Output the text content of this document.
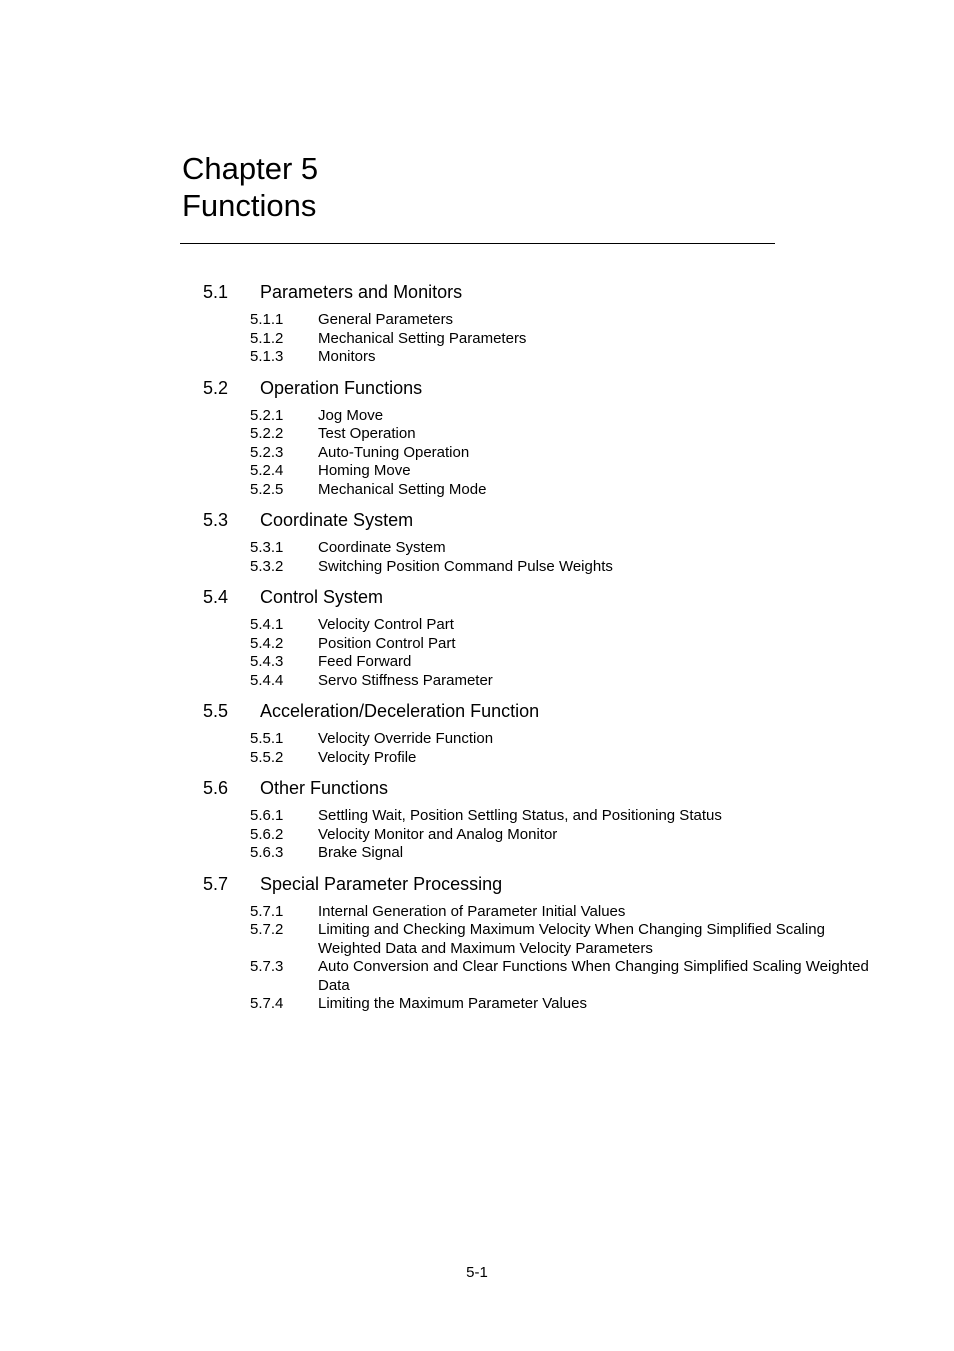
Chapter 5
Functions
5.1	Parameters and Monitors
5.1.1	General Parameters
5.1.2	Mechanical Setting Parameters
5.1.3	Monitors
5.2	Operation Functions
5.2.1	Jog Move
5.2.2	Test Operation
5.2.3	Auto-Tuning Operation
5.2.4	Homing Move
5.2.5	Mechanical Setting Mode
5.3	Coordinate System
5.3.1	Coordinate System
5.3.2	Switching Position Command Pulse Weights
5.4	Control System
5.4.1	Velocity Control Part
5.4.2	Position Control Part
5.4.3	Feed Forward
5.4.4	Servo Stiffness Parameter
5.5	Acceleration/Deceleration Function
5.5.1	Velocity Override Function
5.5.2	Velocity Profile
5.6	Other Functions
5.6.1	Settling Wait, Position Settling Status, and Positioning Status
5.6.2	Velocity Monitor and Analog Monitor
5.6.3	Brake Signal
5.7	Special Parameter Processing
5.7.1	Internal Generation of Parameter Initial Values
5.7.2	Limiting and Checking Maximum Velocity When Changing Simplified Scaling Weighted Data and Maximum Velocity Parameters
5.7.3	Auto Conversion and Clear Functions When Changing Simplified Scaling Weighted Data
5.7.4	Limiting the Maximum Parameter Values
5-1
